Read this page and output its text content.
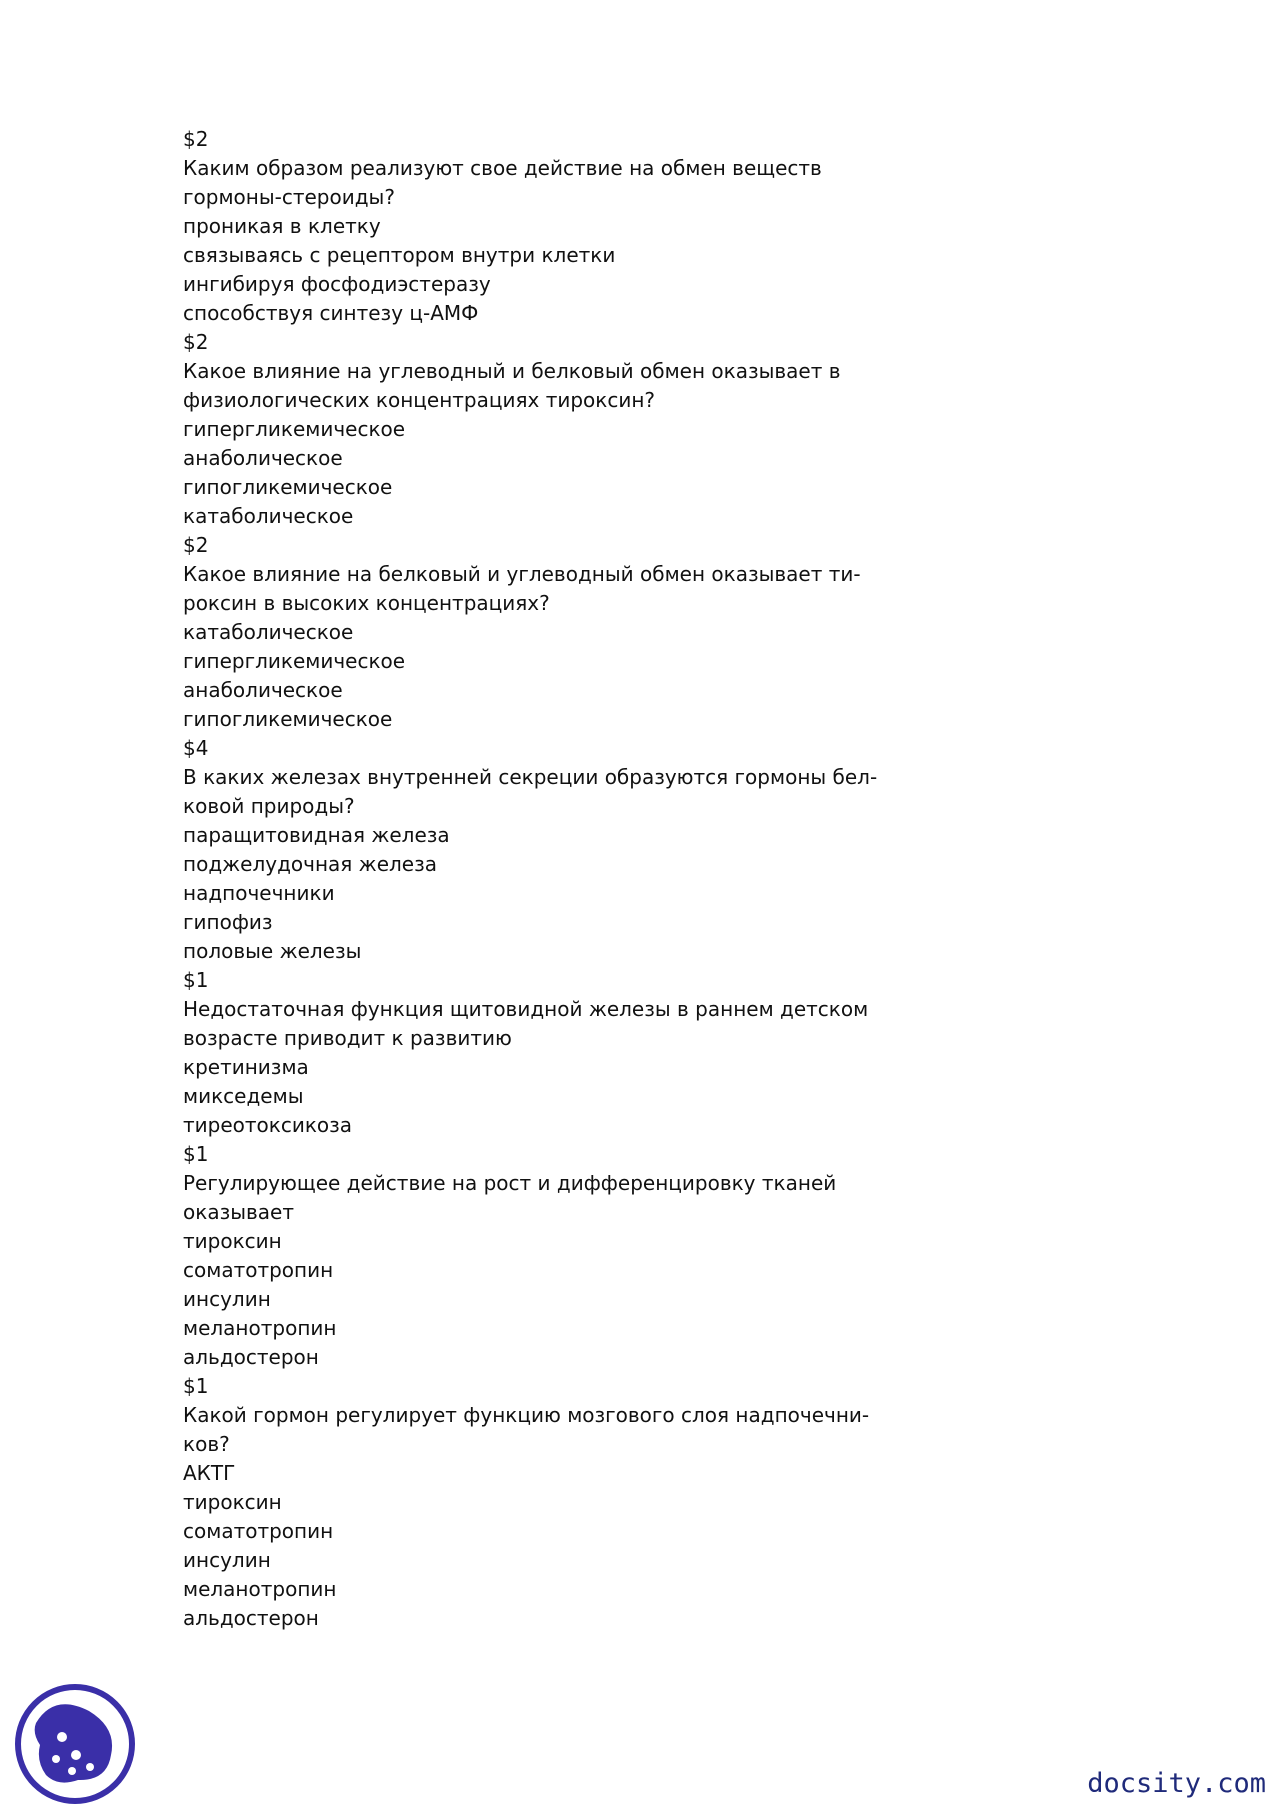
$2
Каким образом реализуют свое действие на обмен веществ
гормоны-стероиды?
проникая в клетку
связываясь с рецептором внутри клетки
ингибируя фосфодиэстеразу
способствуя синтезу ц-АМФ
$2
Какое влияние на углеводный и белковый обмен оказывает в
физиологических концентрациях тироксин?
гипергликемическое
анаболическое
гипогликемическое
катаболическое
$2
Какое влияние на белковый и углеводный обмен оказывает ти-
роксин в высоких концентрациях?
катаболическое
гипергликемическое
анаболическое
гипогликемическое
$4
В каких железах внутренней секреции образуются гормоны бел-
ковой природы?
паращитовидная железа
поджелудочная железа
надпочечники
гипофиз
половые железы
$1
Недостаточная функция щитовидной железы в раннем детском
возрасте приводит к развитию
кретинизма
микседемы
тиреотоксикоза
$1
Регулирующее действие на рост и дифференцировку тканей
оказывает
тироксин
соматотропин
инсулин
меланотропин
альдостерон
$1
Какой гормон регулирует функцию мозгового слоя надпочечни-
ков?
АКТГ
тироксин
соматотропин
инсулин
меланотропин
альдостерон
docsity.com
